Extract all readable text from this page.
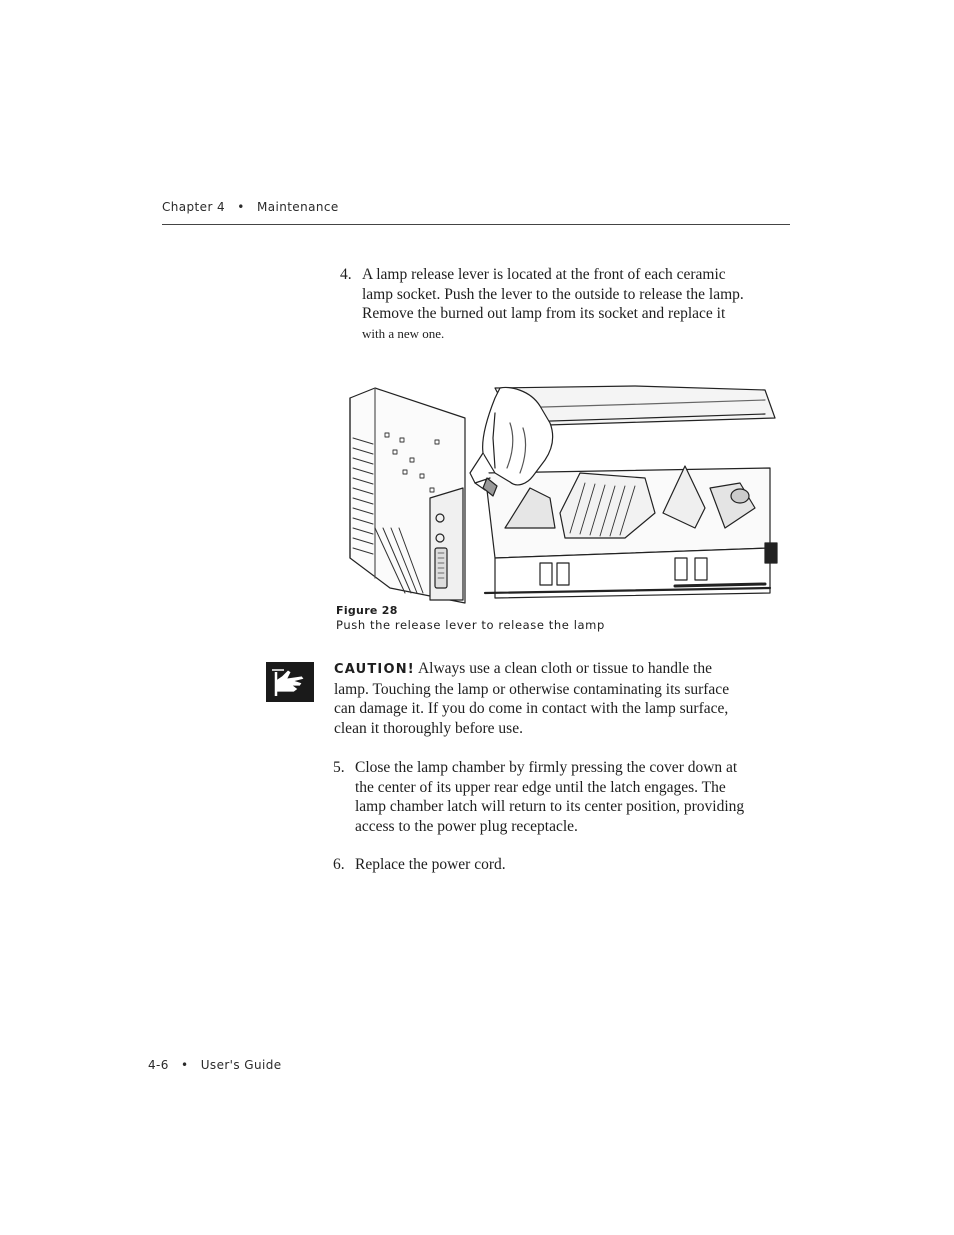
Chapter 4 • Maintenance
4. A lamp release lever is located at the front of each ceramic

lamp socket. Push the lever to the outside to release the lamp.

Remove the burned out lamp from its socket and replace it

with a new one.

Figure 28
Push the release lever to release the lamp

CAUTION! Always use a clean cloth or tissue to handle the

lamp. Touching the lamp or otherwise contaminating its surface

can damage it. If you do come in contact with the lamp surface,

clean it thoroughly before use.

5. Close the lamp chamber by firmly pressing the cover down at

the center of its upper rear edge until the latch engages. The

lamp chamber latch will return to its center position, providing

access to the power plug receptacle.

6. Replace the power cord.

4-6 • User's Guide
